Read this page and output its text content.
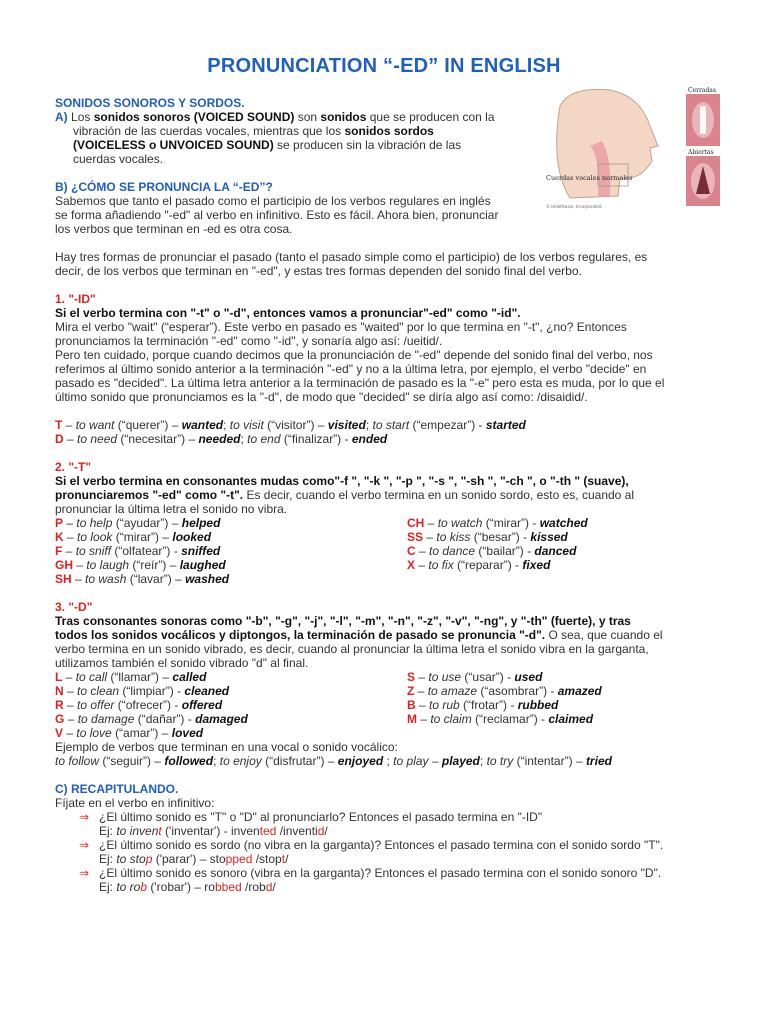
PRONUNCIATION “-ED” IN ENGLISH
Cuerdas vocales normales
© Healthwise, Incorporated
Cerradas
Abiertas
SONIDOS SONOROS Y SORDOS.
A) Los sonidos sonoros (VOICED SOUND) son sonidos que se producen con la
vibración de las cuerdas vocales, mientras que los sonidos sordos
(VOICELESS o UNVOICED SOUND) se producen sin la vibración de las
cuerdas vocales.
B) ¿CÓMO SE PRONUNCIA LA “-ED”?
Sabemos que tanto el pasado como el participio de los verbos regulares en inglés
se forma añadiendo "-ed" al verbo en infinitivo. Esto es fácil. Ahora bien, pronunciar
los verbos que terminan en -ed es otra cosa.
Hay tres formas de pronunciar el pasado (tanto el pasado simple como el participio) de los verbos regulares, es
decir, de los verbos que terminan en "-ed", y estas tres formas dependen del sonido final del verbo.
1. "-ID"
Si el verbo termina con "-t" o "-d", entonces vamos a pronunciar"-ed" como "-id".
Mira el verbo "wait" (“esperar”). Este verbo en pasado es "waited" por lo que termina en "-t", ¿no? Entonces
pronunciamos la terminación "-ed" como "-id", y sonaría algo así: /ueitid/.
Pero ten cuidado, porque cuando decimos que la pronunciación de "-ed" depende del sonido final del verbo, nos
referimos al último sonido anterior a la terminación "-ed" y no a la última letra, por ejemplo, el verbo "decide" en
pasado es "decided". La última letra anterior a la terminación de pasado es la "-e" pero esta es muda, por lo que el
último sonido que pronunciamos es la "-d", de modo que "decided" se diría algo así como: /disaidid/.
T – to want (“querer”) – wanted; to visit (“visitor”) – visited; to start (“empezar”) - started
D – to need (“necesitar”) – needed; to end (“finalizar”) - ended
2. "-T"
Si el verbo termina en consonantes mudas como"-f ", "-k ", "-p ", "-s ", "-sh ", "-ch ", o "-th " (suave),
pronunciaremos "-ed" como "-t". Es decir, cuando el verbo termina en un sonido sordo, esto es, cuando al
pronunciar la última letra el sonido no vibra.
P – to help (“ayudar”) – helped
K – to look (“mirar”) – looked
F – to sniff (“olfatear”) - sniffed
GH – to laugh (“reír”) – laughed
SH – to wash (“lavar”) – washed
CH – to watch (“mirar”) - watched
SS – to kiss (“besar”) - kissed
C – to dance (“bailar”) - danced
X – to fix (“reparar”) - fixed
3. "-D"
Tras consonantes sonoras como "-b", "-g", "-j", "-l", "-m", "-n", "-z", "-v", "-ng", y "-th" (fuerte), y tras
todos los sonidos vocálicos y diptongos, la terminación de pasado se pronuncia "-d". O sea, que cuando el
verbo termina en un sonido vibrado, es decir, cuando al pronunciar la última letra el sonido vibra en la garganta,
utilizamos también el sonido vibrado "d" al final.
L – to call (“llamar”) – called
N – to clean (“limpiar”) - cleaned
R – to offer (“ofrecer”) - offered
G – to damage (“dañar”) - damaged
V – to love (“amar”) – loved
S – to use (“usar”) - used
Z – to amaze (“asombrar”) - amazed
B – to rub (“frotar”) - rubbed
M – to claim (“reclamar”) - claimed
Ejemplo de verbos que terminan en una vocal o sonido vocálico:
to follow (“seguir”) – followed; to enjoy (“disfrutar”) – enjoyed ; to play – played; to try (“intentar”) – tried
C) RECAPITULANDO.
Fíjate en el verbo en infinitivo:
⇒ ¿El último sonido es "T" o "D" al pronunciarlo? Entonces el pasado termina en "-ID"
Ej: to invent ('inventar') - invented /inventid/
⇒ ¿El último sonido es sordo (no vibra en la garganta)? Entonces el pasado termina con el sonido sordo "T".
Ej: to stop ('parar') – stopped /stopt/
⇒ ¿El último sonido es sonoro (vibra en la garganta)? Entonces el pasado termina con el sonido sonoro "D".
Ej: to rob ('robar') – robbed /robd/
